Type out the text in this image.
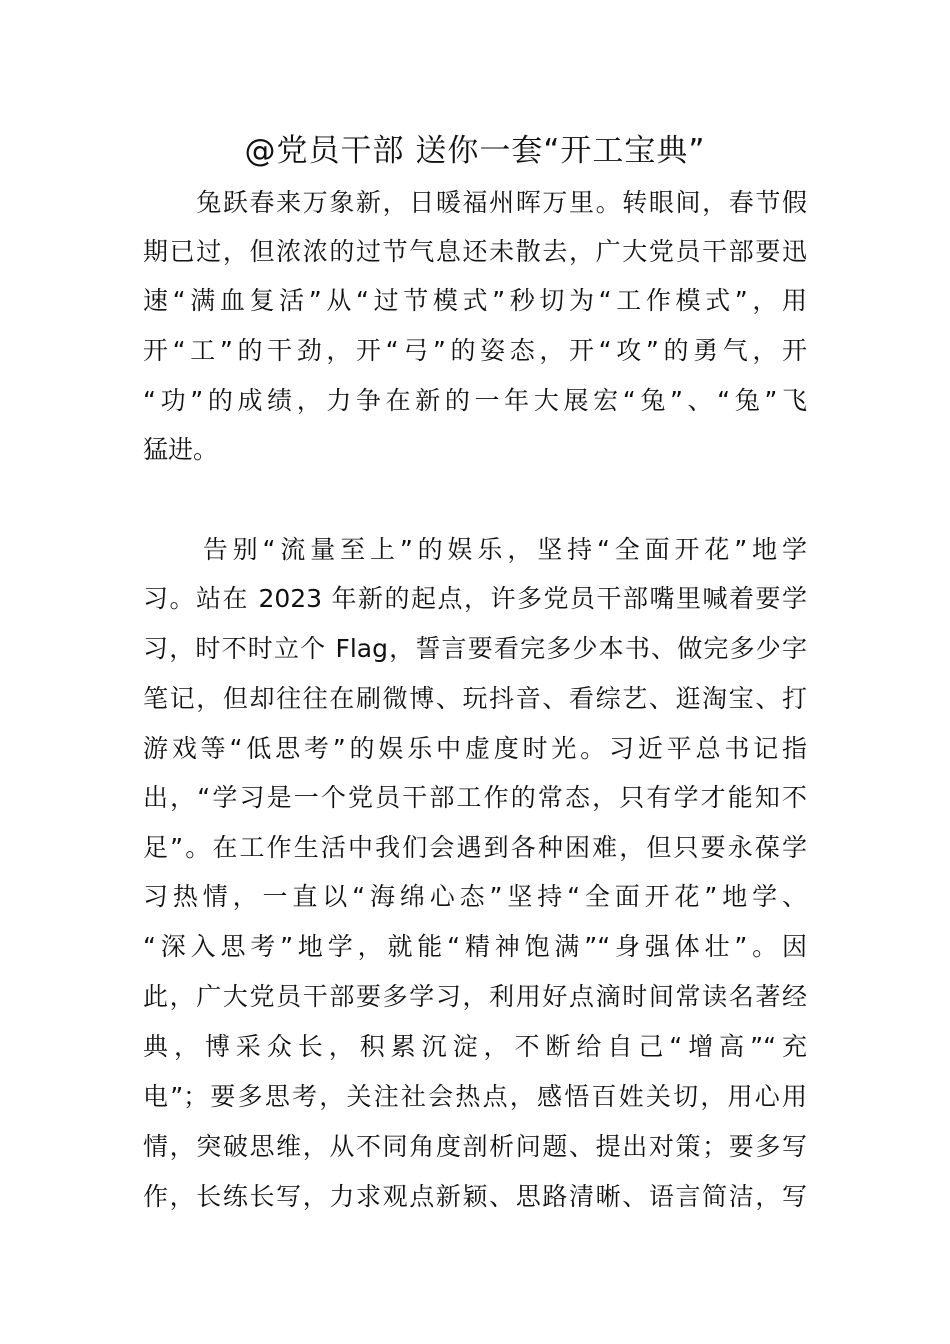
@党员干部 送你一套“开工宝典”
　　兔跃春来万象新，日暖福州晖万里。转眼间，春节假
期已过，但浓浓的过节气息还未散去，广大党员干部要迅
速“满血复活”从“过节模式”秒切为“工作模式”，用
开“工”的干劲，开“弓”的姿态，开“攻”的勇气，开
“功”的成绩，力争在新的一年大展宏“兔”、“兔”飞
猛进。
　　告别“流量至上”的娱乐，坚持“全面开花”地学
习。站在 2023 年新的起点，许多党员干部嘴里喊着要学
习，时不时立个 Flag，誓言要看完多少本书、做完多少字
笔记，但却往往在刷微博、玩抖音、看综艺、逛淘宝、打
游戏等“低思考”的娱乐中虚度时光。习近平总书记指
出，“学习是一个党员干部工作的常态，只有学才能知不
足”。在工作生活中我们会遇到各种困难，但只要永葆学
习热情，一直以“海绵心态”坚持“全面开花”地学、
“深入思考”地学，就能“精神饱满”“身强体壮”。因
此，广大党员干部要多学习，利用好点滴时间常读名著经
典，博采众长，积累沉淀，不断给自己“增高”“充
电”；要多思考，关注社会热点，感悟百姓关切，用心用
情，突破思维，从不同角度剖析问题、提出对策；要多写
作，长练长写，力求观点新颖、思路清晰、语言简洁，写
